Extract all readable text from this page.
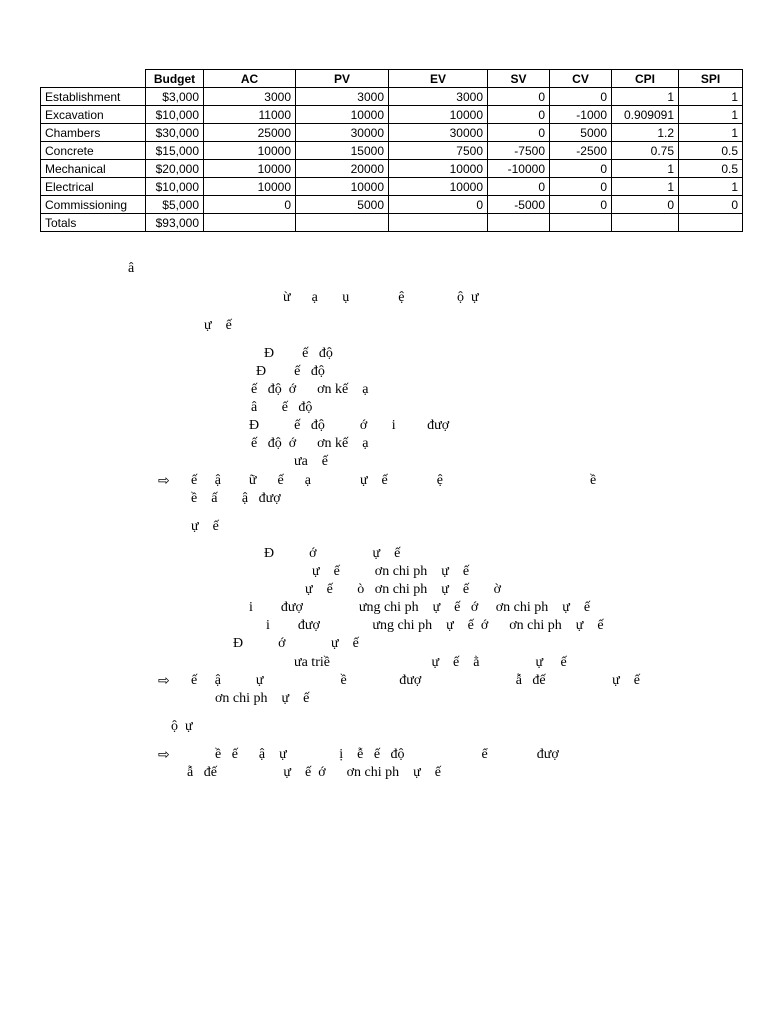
	Budget	AC	PV	EV	SV	CV	CPI	SPI
Establishment	$3,000	3000	3000	3000	0	0	1	1
Excavation	$10,000	11000	10000	10000	0	-1000	0.909091	1
Chambers	$30,000	25000	30000	30000	0	5000	1.2	1
Concrete	$15,000	10000	15000	7500	-7500	-2500	0.75	0.5
Mechanical	$20,000	10000	20000	10000	-10000	0	1	0.5
Electrical	$10,000	10000	10000	10000	0	0	1	1
Commissioning	$5,000	0	5000	0	-5000	0	0	0
Totals	$93,000							
â
ừ      ạ       ụ              ệ               ộ  ự
ự    ế
Đ        ế   độ
Đ        ế   độ
ế   độ  ớ      ơn kế    ạ
â       ế   độ
Đ          ế   độ          ớ       i         đượ
ế   độ  ớ      ơn kế    ạ
ưa    ế
⇨ ế     ậ        ữ      ế      ạ              ự    ế              ệ                                          ề
ề    ấ       ậ   đượ
ự    ế
Đ          ớ                ự    ế
ự    ế          ơn chi ph    ự    ế
ự    ế       ò   ơn chi ph    ự    ế       ờ
i        đượ                ưng chi ph    ự    ế   ớ     ơn chi ph    ự    ế
i        đượ               ưng chi ph    ự    ế  ớ      ơn chi ph    ự    ế
Đ          ớ             ự    ế
ưa triề                             ự    ế    ằ                ự     ế
⇨ ế     ậ          ự                      ề               đượ                           ẫ   đế                   ự    ế
ơn chi ph    ự    ế
ộ  ự
⇨	ề   ế      ậ    ự               ị    ễ   ế   độ                      ể              đượ
ẫ   đế                   ự    ế  ớ      ơn chi ph    ự    ế
